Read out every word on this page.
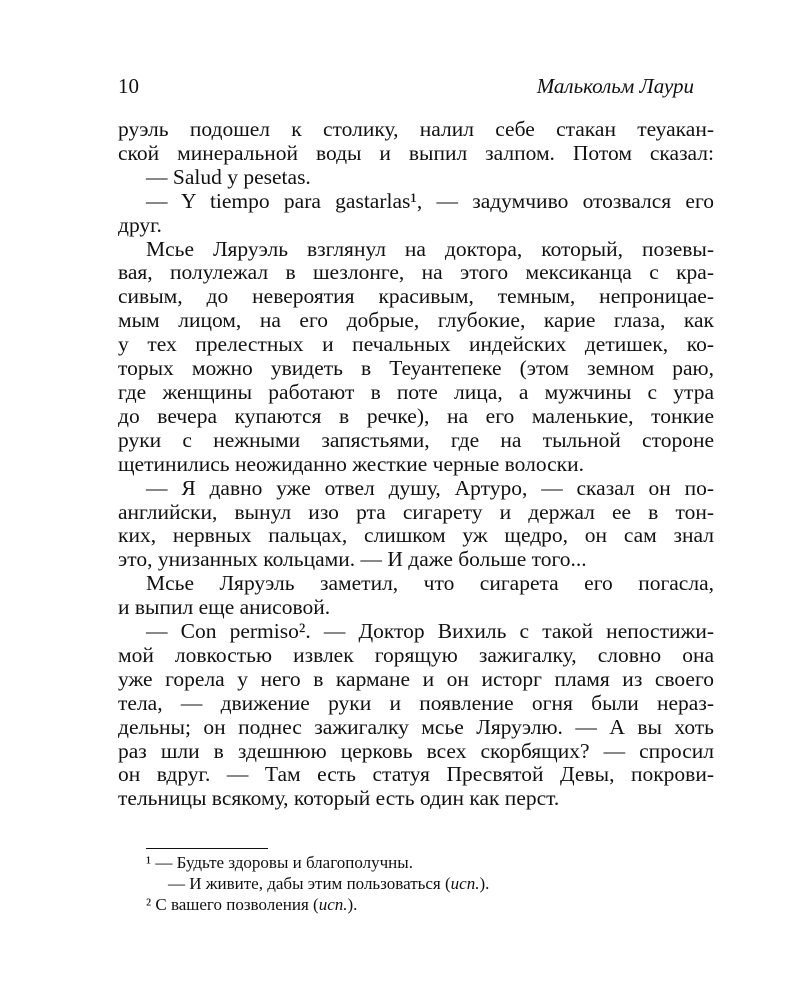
10	Малькольм Лаури
руэль подошел к столику, налил себе стакан теуакан-
ской минеральной воды и выпил залпом. Потом сказал:
— Salud y pesetas.
— Y tiempo para gastarlas¹, — задумчиво отозвался его
друг.
Мсье Ляруэль взглянул на доктора, который, позевы-
вая, полулежал в шезлонге, на этого мексиканца с кра-
сивым, до невероятия красивым, темным, непроницае-
мым лицом, на его добрые, глубокие, карие глаза, как
у тех прелестных и печальных индейских детишек, ко-
торых можно увидеть в Теуантепеке (этом земном раю,
где женщины работают в поте лица, а мужчины с утра
до вечера купаются в речке), на его маленькие, тонкие
руки с нежными запястьями, где на тыльной стороне
щетинились неожиданно жесткие черные волоски.
— Я давно уже отвел душу, Артуро, — сказал он по-
английски, вынул изо рта сигарету и держал ее в тон-
ких, нервных пальцах, слишком уж щедро, он сам знал
это, унизанных кольцами. — И даже больше того...
Мсье Ляруэль заметил, что сигарета его погасла,
и выпил еще анисовой.
— Con permiso². — Доктор Вихиль с такой непостижи-
мой ловкостью извлек горящую зажигалку, словно она
уже горела у него в кармане и он исторг пламя из своего
тела, — движение руки и появление огня были нераз-
дельны; он поднес зажигалку мсье Ляруэлю. — А вы хоть
раз шли в здешнюю церковь всех скорбящих? — спросил
он вдруг. — Там есть статуя Пресвятой Девы, покрови-
тельницы всякому, который есть один как перст.
¹ — Будьте здоровы и благополучны.
— И живите, дабы этим пользоваться (исп.).
² С вашего позволения (исп.).
